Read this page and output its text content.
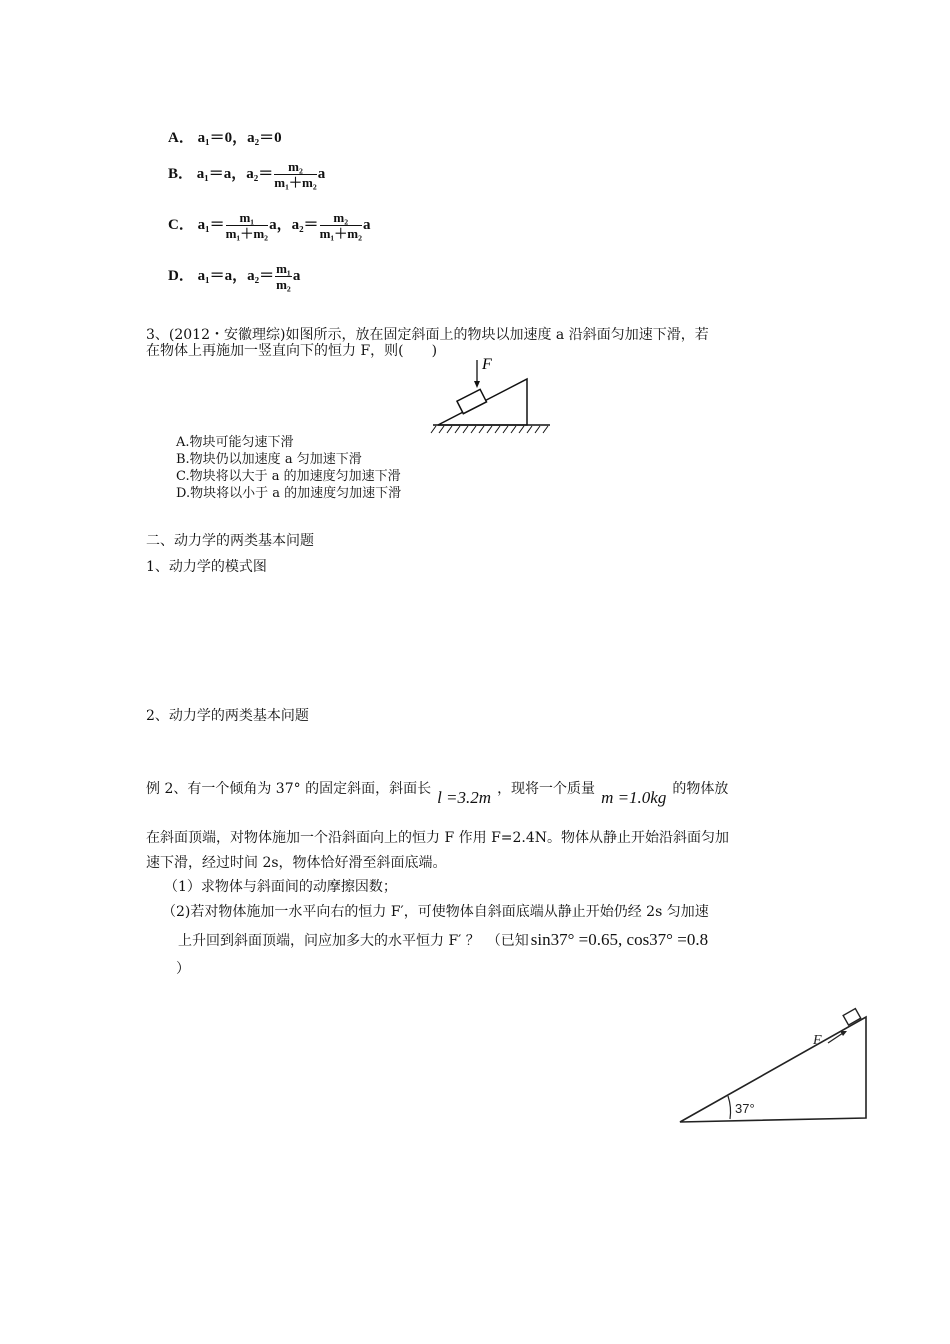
A． a₁＝0，a₂＝0
B． a₁＝a，$a_2= \frac{\text{m₂}}{\text{m₁＋m₂}}$ a
C． $a_1= \frac{\text{m₁}}{\text{m₁＋m₂}}$ a，$a_2= \frac{\text{m₂}}{\text{m₁＋m₂}}$ a
D． a₁＝a，$a_2= \frac{\text{m₁}}{\text{m₂}}$ a
3、(2012・安徽理综)如图所示，放在固定斜面上的物块以加速度 a 沿斜面匀加速下滑，若
在物体上再施加一竖直向下的恒力 F，则(　　)
F
A.物块可能匀速下滑
B.物块仍以加速度 a 匀加速下滑
C.物块将以大于 a 的加速度匀加速下滑
D.物块将以小于 a 的加速度匀加速下滑
二、动力学的两类基本问题
1、动力学的模式图
2、动力学的两类基本问题
例 2、有一个倾角为 37° 的固定斜面，斜面长 l =3.2m ，现将一个质量 m =1.0kg 的物体放
在斜面顶端，对物体施加一个沿斜面向上的恒力 F 作用 F=2.4N。物体从静止开始沿斜面匀加
速下滑，经过时间 2s，物体恰好滑至斜面底端。
（1）求物体与斜面间的动摩擦因数；
（2)若对物体施加一水平向右的恒力 F′，可使物体自斜面底端从静止开始仍经 2s 匀加速
上升回到斜面顶端，问应加多大的水平恒力 F′ ？　（已知 sin37° =0.65, cos37° =0.8
）
37°
F
